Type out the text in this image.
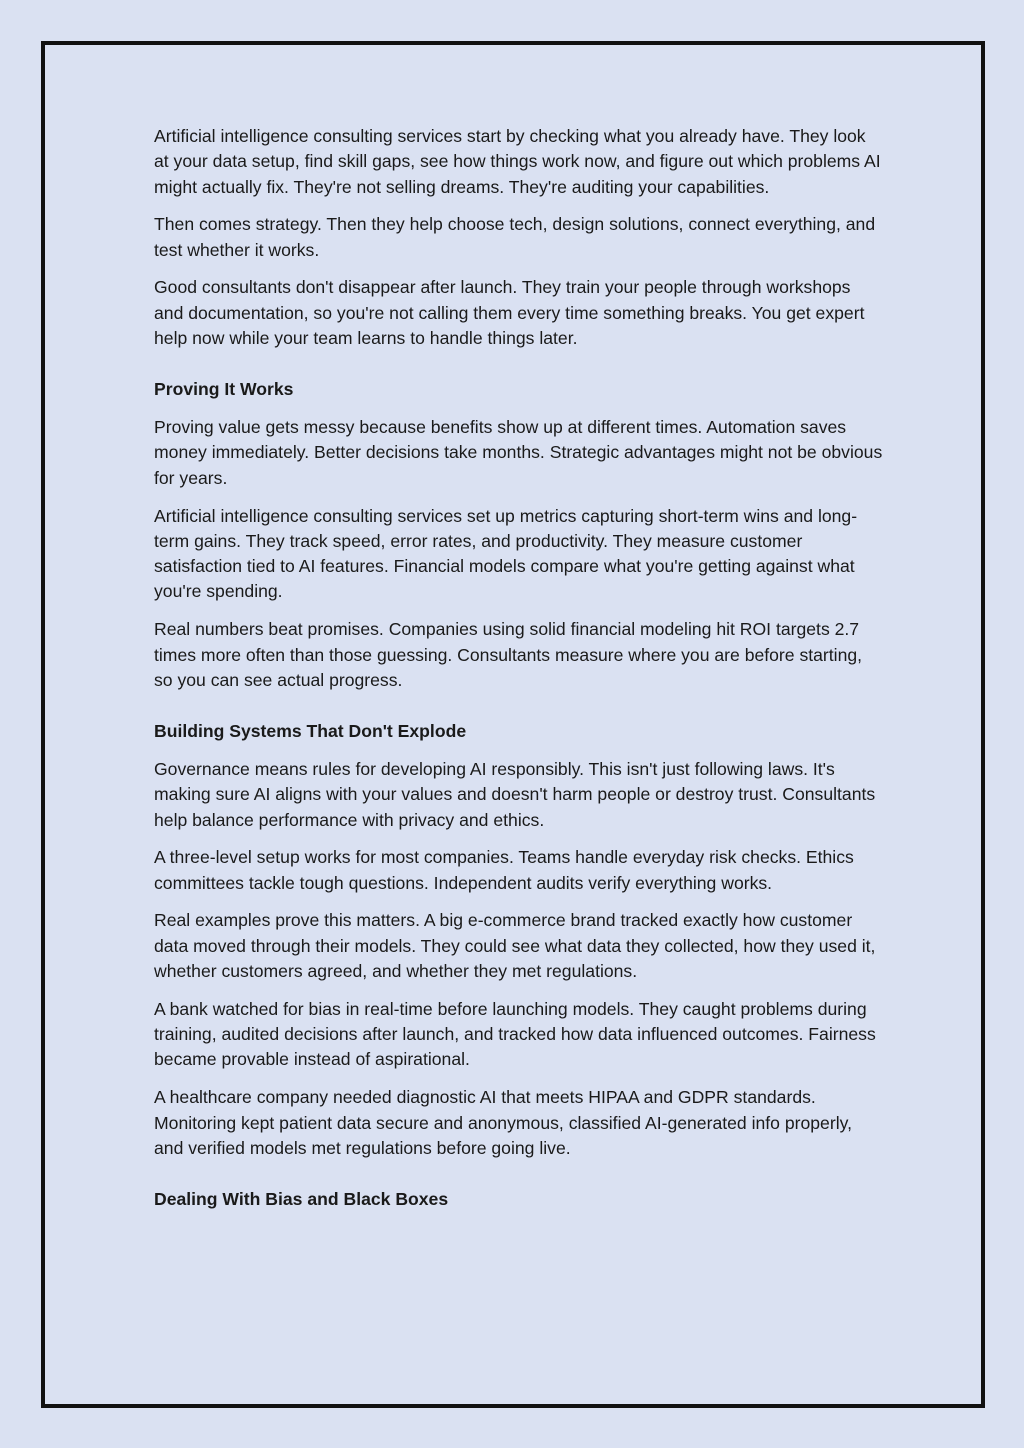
Artificial intelligence consulting services start by checking what you already have. They look at your data setup, find skill gaps, see how things work now, and figure out which problems AI might actually fix. They're not selling dreams. They're auditing your capabilities.

Then comes strategy. Then they help choose tech, design solutions, connect everything, and test whether it works.

Good consultants don't disappear after launch. They train your people through workshops and documentation, so you're not calling them every time something breaks. You get expert help now while your team learns to handle things later.

Proving It Works

Proving value gets messy because benefits show up at different times. Automation saves money immediately. Better decisions take months. Strategic advantages might not be obvious for years.

Artificial intelligence consulting services set up metrics capturing short-term wins and long-term gains. They track speed, error rates, and productivity. They measure customer satisfaction tied to AI features. Financial models compare what you're getting against what you're spending.

Real numbers beat promises. Companies using solid financial modeling hit ROI targets 2.7 times more often than those guessing. Consultants measure where you are before starting, so you can see actual progress.

Building Systems That Don't Explode

Governance means rules for developing AI responsibly. This isn't just following laws. It's making sure AI aligns with your values and doesn't harm people or destroy trust. Consultants help balance performance with privacy and ethics.

A three-level setup works for most companies. Teams handle everyday risk checks. Ethics committees tackle tough questions. Independent audits verify everything works.

Real examples prove this matters. A big e-commerce brand tracked exactly how customer data moved through their models. They could see what data they collected, how they used it, whether customers agreed, and whether they met regulations.

A bank watched for bias in real-time before launching models. They caught problems during training, audited decisions after launch, and tracked how data influenced outcomes. Fairness became provable instead of aspirational.

A healthcare company needed diagnostic AI that meets HIPAA and GDPR standards. Monitoring kept patient data secure and anonymous, classified AI-generated info properly, and verified models met regulations before going live.

Dealing With Bias and Black Boxes
